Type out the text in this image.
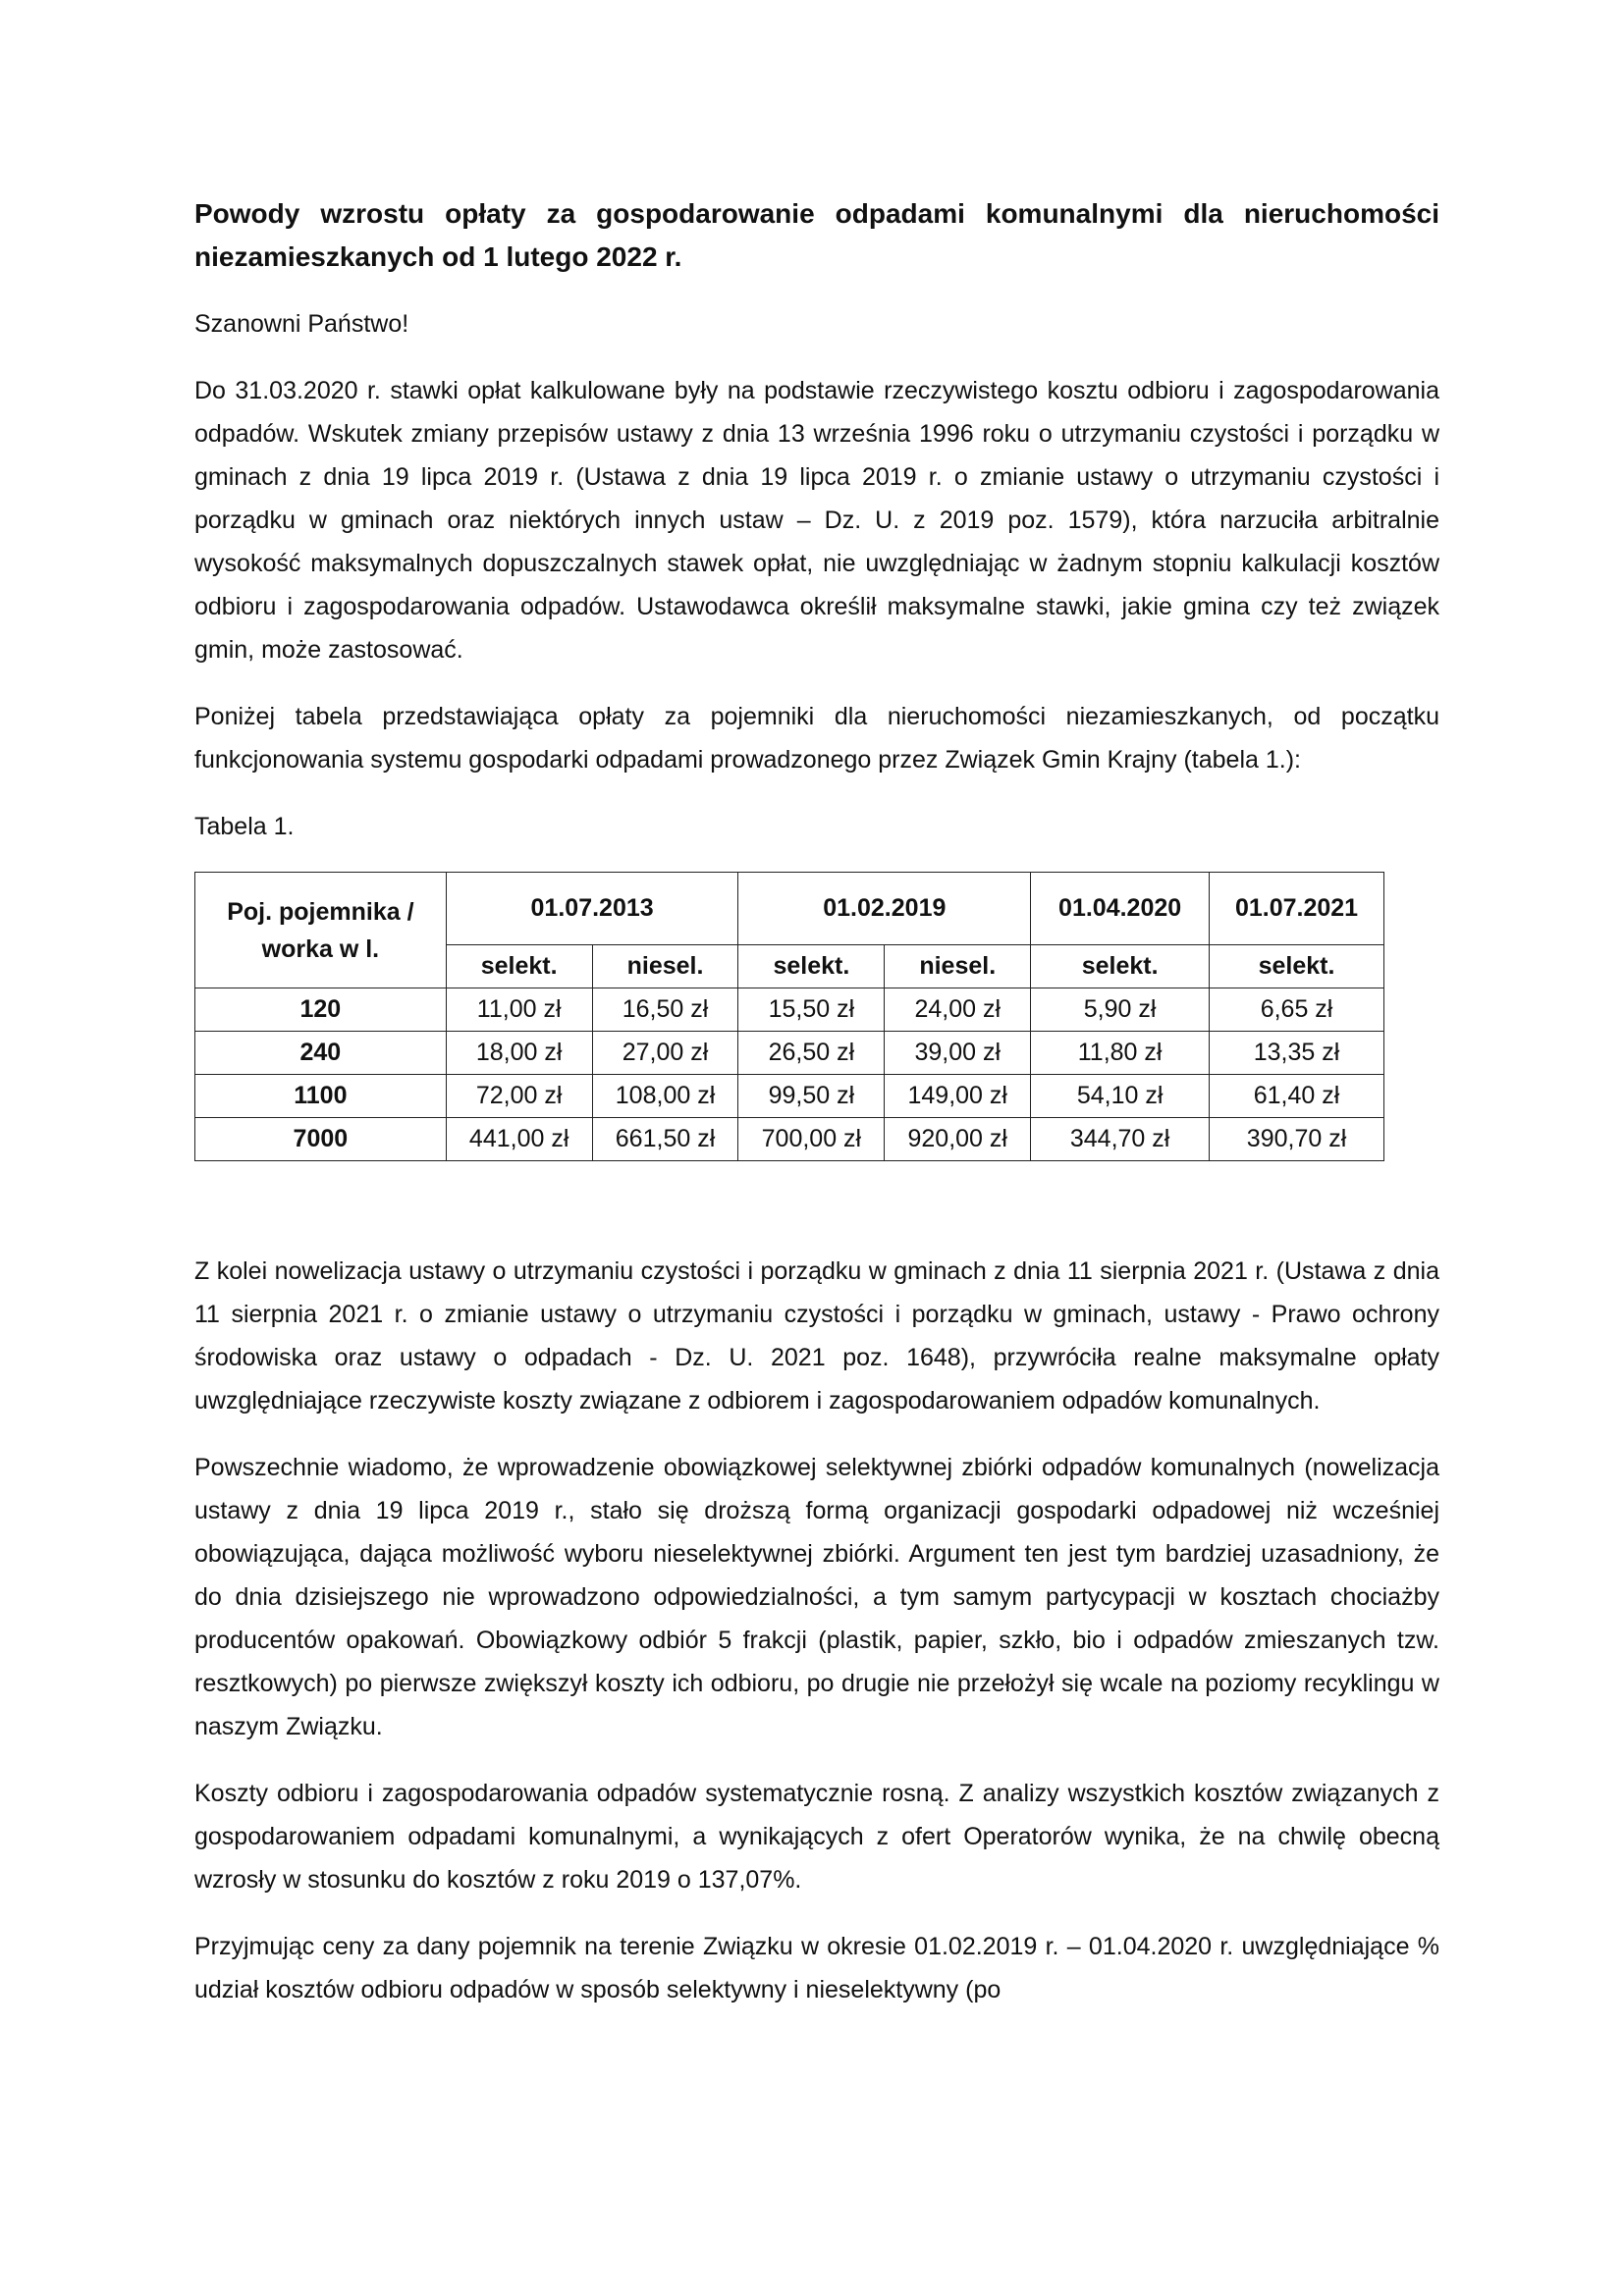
Powody wzrostu opłaty za gospodarowanie odpadami komunalnymi dla nieruchomości niezamieszkanych od 1 lutego 2022 r.

Szanowni Państwo!

Do 31.03.2020 r. stawki opłat kalkulowane były na podstawie rzeczywistego kosztu odbioru i zagospodarowania odpadów. Wskutek zmiany przepisów ustawy z dnia 13 września 1996 roku o utrzymaniu czystości i porządku w gminach z dnia 19 lipca 2019 r. (Ustawa z dnia 19 lipca 2019 r. o zmianie ustawy o utrzymaniu czystości i porządku w gminach oraz niektórych innych ustaw – Dz. U. z 2019 poz. 1579), która narzuciła arbitralnie wysokość maksymalnych dopuszczalnych stawek opłat, nie uwzględniając w żadnym stopniu kalkulacji kosztów odbioru i zagospodarowania odpadów. Ustawodawca określił maksymalne stawki, jakie gmina czy też związek gmin, może zastosować.

Poniżej tabela przedstawiająca opłaty za pojemniki dla nieruchomości niezamieszkanych, od początku funkcjonowania systemu gospodarki odpadami prowadzonego przez Związek Gmin Krajny (tabela 1.):

Tabela 1.

Poj. pojemnika / worka w l.	01.07.2013		01.02.2019		01.04.2020	01.07.2021
	selekt.	niesel.	selekt.	niesel.	selekt.	selekt.
120	11,00 zł	16,50 zł	15,50 zł	24,00 zł	5,90 zł	6,65 zł
240	18,00 zł	27,00 zł	26,50 zł	39,00 zł	11,80 zł	13,35 zł
1100	72,00 zł	108,00 zł	99,50 zł	149,00 zł	54,10 zł	61,40 zł
7000	441,00 zł	661,50 zł	700,00 zł	920,00 zł	344,70 zł	390,70 zł

Z kolei nowelizacja ustawy o utrzymaniu czystości i porządku w gminach z dnia 11 sierpnia 2021 r. (Ustawa z dnia 11 sierpnia 2021 r. o zmianie ustawy o utrzymaniu czystości i porządku w gminach, ustawy - Prawo ochrony środowiska oraz ustawy o odpadach - Dz. U. 2021 poz. 1648), przywróciła realne maksymalne opłaty uwzględniające rzeczywiste koszty związane z odbiorem i zagospodarowaniem odpadów komunalnych.

Powszechnie wiadomo, że wprowadzenie obowiązkowej selektywnej zbiórki odpadów komunalnych (nowelizacja ustawy z dnia 19 lipca 2019 r., stało się droższą formą organizacji gospodarki odpadowej niż wcześniej obowiązująca, dająca możliwość wyboru nieselektywnej zbiórki. Argument ten jest tym bardziej uzasadniony, że do dnia dzisiejszego nie wprowadzono odpowiedzialności, a tym samym partycypacji w kosztach chociażby producentów opakowań. Obowiązkowy odbiór 5 frakcji (plastik, papier, szkło, bio i odpadów zmieszanych tzw. resztkowych) po pierwsze zwiększył koszty ich odbioru, po drugie nie przełożył się wcale na poziomy recyklingu w naszym Związku.

Koszty odbioru i zagospodarowania odpadów systematycznie rosną. Z analizy wszystkich kosztów związanych z gospodarowaniem odpadami komunalnymi, a wynikających z ofert Operatorów wynika, że na chwilę obecną wzrosły w stosunku do kosztów z roku 2019 o 137,07%.

Przyjmując ceny za dany pojemnik na terenie Związku w okresie 01.02.2019 r. – 01.04.2020 r. uwzględniające % udział kosztów odbioru odpadów w sposób selektywny i nieselektywny (po
